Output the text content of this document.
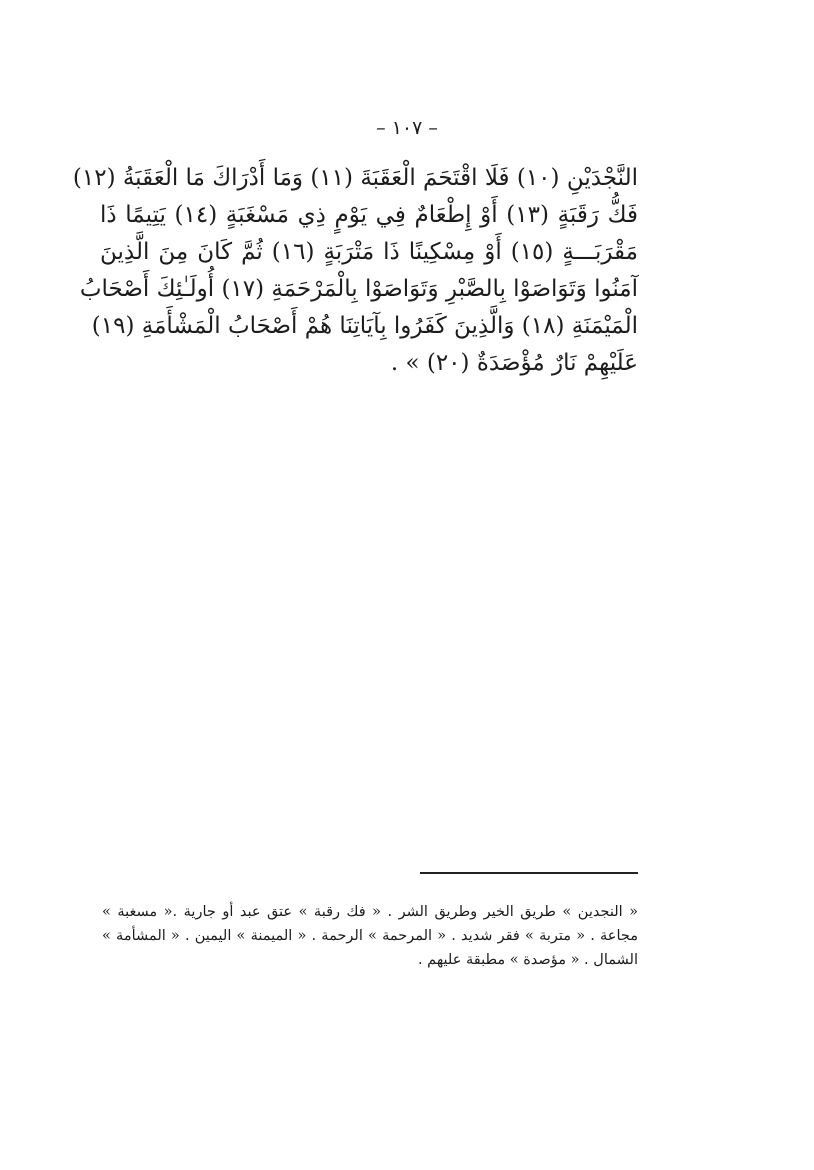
– ١٠٧ –
النَّجْدَيْنِ (١٠) فَلَا اقْتَحَمَ الْعَقَبَةَ (١١) وَمَا أَدْرَاكَ مَا الْعَقَبَةُ (١٢)
فَكُّ رَقَبَةٍ (١٣) أَوْ إِطْعَامٌ فِي يَوْمٍ ذِي مَسْغَبَةٍ (١٤) يَتِيمًا ذَا
مَقْرَبَـــةٍ (١٥) أَوْ مِسْكِينًا ذَا مَتْرَبَةٍ (١٦) ثُمَّ كَانَ مِنَ الَّذِينَ
آمَنُوا وَتَوَاصَوْا بِالصَّبْرِ وَتَوَاصَوْا بِالْمَرْحَمَةِ (١٧) أُولَـٰئِكَ أَصْحَابُ
الْمَيْمَنَةِ (١٨) وَالَّذِينَ كَفَرُوا بِآيَاتِنَا هُمْ أَصْحَابُ الْمَشْأَمَةِ (١٩)
عَلَيْهِمْ نَارٌ مُؤْصَدَةٌ (٢٠) » .
« النجدين » طريق الخير وطريق الشر . « فك رقبة » عتق عبد أو جارية .« مسغبة »
مجاعة . « متربة » فقر شديد . « المرحمة » الرحمة . « الميمنة » اليمين . « المشأمة »
الشمال . « مؤصدة » مطبقة عليهم .
